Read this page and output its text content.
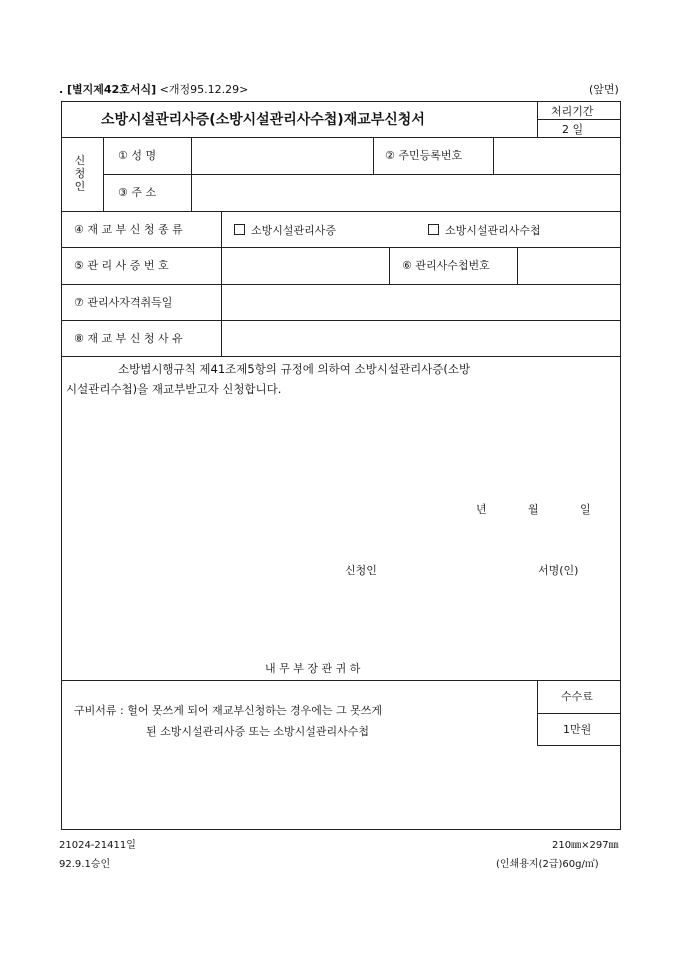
. [별지제42호서식] <개정95.12.29>	(앞면)
소방시설관리사증(소방시설관리사수첩)재교부신청서
처리기간
2 일
신
청
인
① 성 명	② 주민등록번호
③ 주 소
④ 재 교 부 신 청 종 류	소방시설관리사증	소방시설관리사수첩
⑤ 관 리 사 증 번 호	⑥ 관리사수첩번호
⑦ 관리사자격취득일
⑧ 재 교 부 신 청 사 유
소방법시행규칙 제41조제5항의 규정에 의하여 소방시설관리사증(소방
시설관리수첩)을 재교부받고자 신청합니다.
년	월	일
신청인	서명(인)
내 무 부 장 관 귀 하
구비서류 : 헐어 못쓰게 되어 재교부신청하는 경우에는 그 못쓰게
된 소방시설관리사증 또는 소방시설관리사수첩
수수료
1만원
21024-21411일
92.9.1승인
210㎜×297㎜
(인쇄용지(2급)60g/㎡)
